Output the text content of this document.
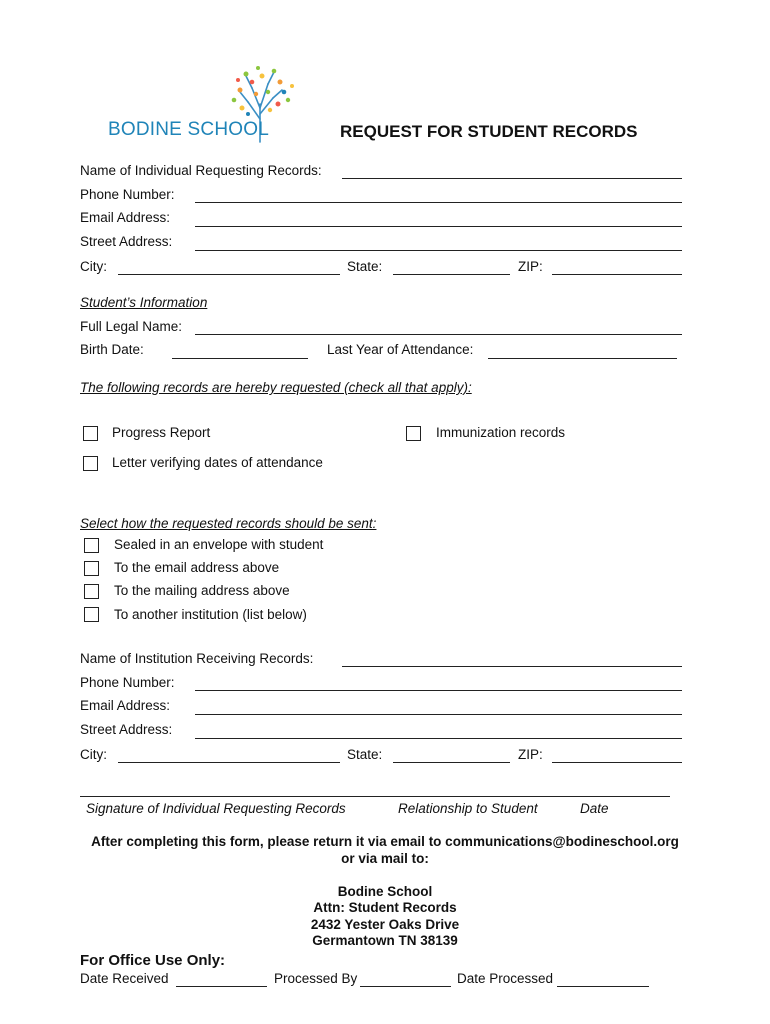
BODINE SCHOOL	REQUEST FOR STUDENT RECORDS
Name of Individual Requesting Records:
Phone Number:
Email Address:
Street Address:
City:	State:	ZIP:
Student’s Information
Full Legal Name:
Birth Date:	Last Year of Attendance:
The following records are hereby requested (check all that apply):
Progress Report	Immunization records
Letter verifying dates of attendance
Select how the requested records should be sent:
Sealed in an envelope with student
To the email address above
To the mailing address above
To another institution (list below)
Name of Institution Receiving Records:
Phone Number:
Email Address:
Street Address:
City:	State:	ZIP:
Signature of Individual Requesting Records	Relationship to Student	Date
After completing this form, please return it via email to communications@bodineschool.org
or via mail to:
Bodine School
Attn: Student Records
2432 Yester Oaks Drive
Germantown TN 38139
For Office Use Only:
Date Received	Processed By	Date Processed
